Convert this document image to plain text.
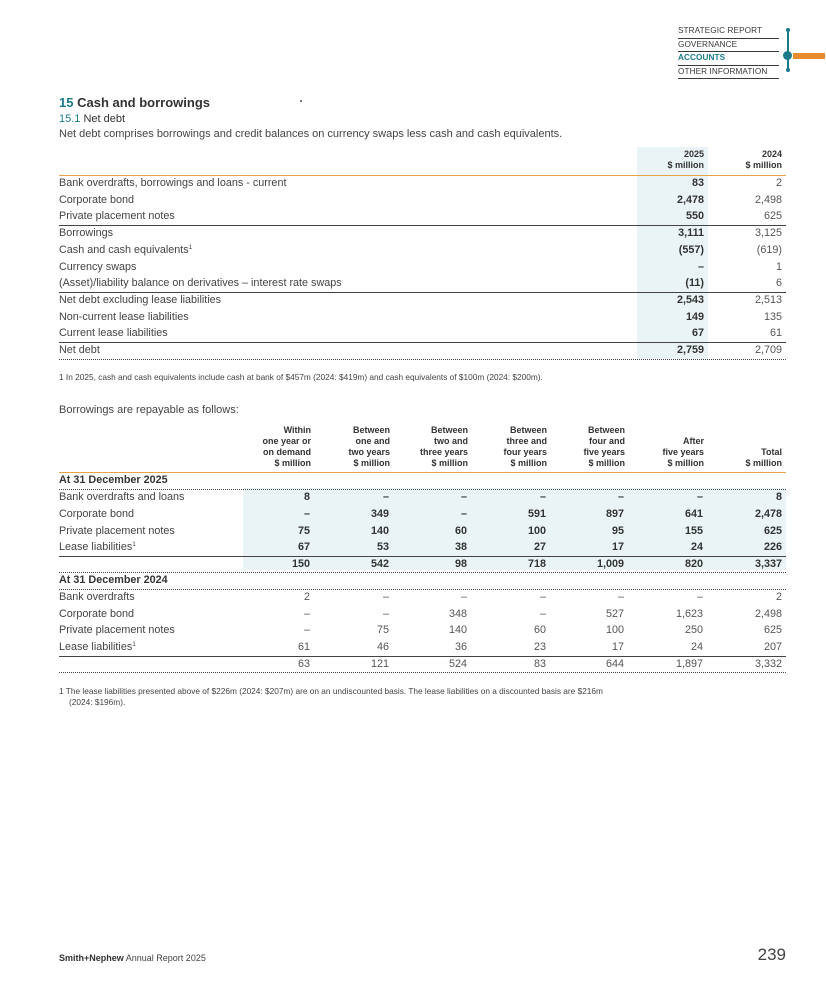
STRATEGIC REPORT
GOVERNANCE
ACCOUNTS
OTHER INFORMATION
15 Cash and borrowings
15.1 Net debt
Net debt comprises borrowings and credit balances on currency swaps less cash and cash equivalents.
2025
$ million
2024
$ million
Bank overdrafts, borrowings and loans - current	83	2
Corporate bond	2,478	2,498
Private placement notes	550	625
Borrowings	3,111	3,125
Cash and cash equivalents$^1$	(557)	(619)
Currency swaps	–	1
(Asset)/liability balance on derivatives – interest rate swaps	(11)	6
Net debt excluding lease liabilities	2,543	2,513
Non-current lease liabilities	149	135
Current lease liabilities	67	61
Net debt	2,759	2,709
1 In 2025, cash and cash equivalents include cash at bank of $457m (2024: $419m) and cash equivalents of $100m (2024: $200m).
Borrowings are repayable as follows:
Within
one year or
on demand
$ million
Between
one and
two years
$ million
Between
two and
three years
$ million
Between
three and
four years
$ million
Between
four and
five years
$ million
After
five years
$ million
Total
$ million
At 31 December 2025
Bank overdrafts and loans	8	–	–	–	–	–	8
Corporate bond	–	349	–	591	897	641	2,478
Private placement notes	75	140	60	100	95	155	625
Lease liabilities$^1$	67	53	38	27	17	24	226
150	542	98	718	1,009	820	3,337
At 31 December 2024
Bank overdrafts	2	–	–	–	–	–	2
Corporate bond	–	–	348	–	527	1,623	2,498
Private placement notes	–	75	140	60	100	250	625
Lease liabilities$^1$	61	46	36	23	17	24	207
63	121	524	83	644	1,897	3,332
1 The lease liabilities presented above of $226m (2024: $207m) are on an undiscounted basis. The lease liabilities on a discounted basis are $216m
(2024: $196m).
Smith+Nephew Annual Report 2025	239
